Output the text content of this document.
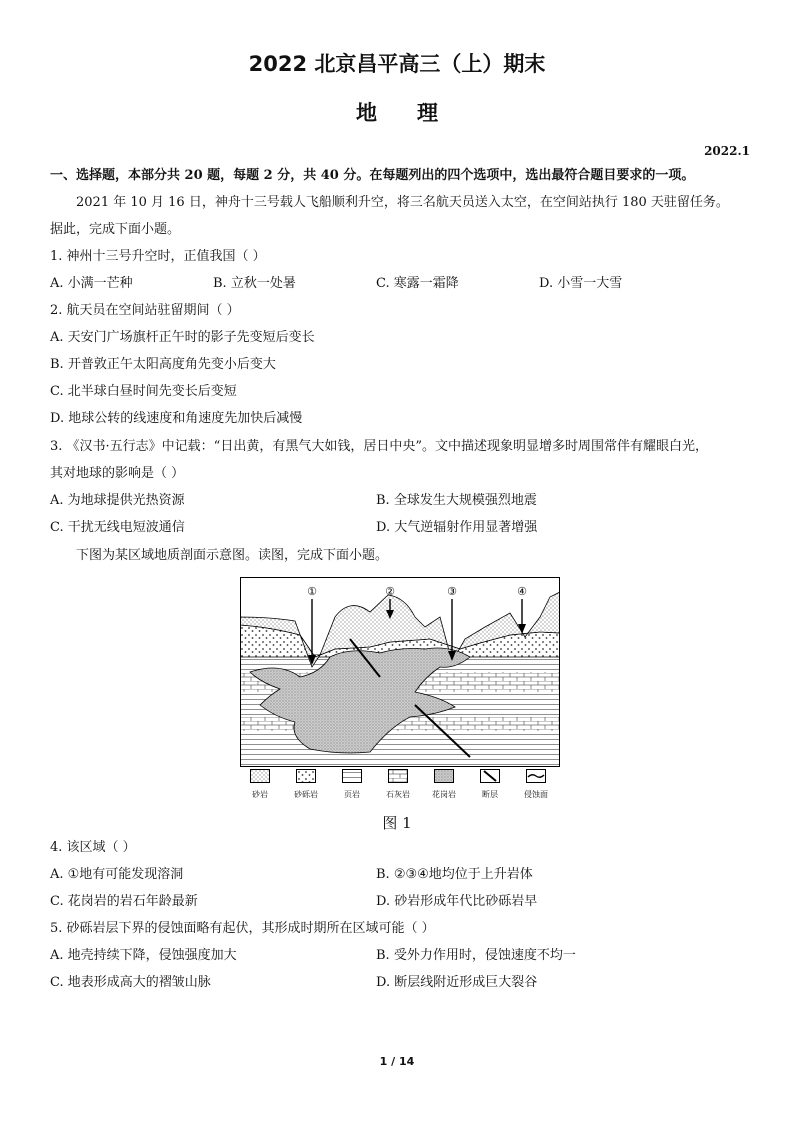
2022 北京昌平高三（上）期末
地理
2022.1
一、选择题，本部分共 20 题，每题 2 分，共 40 分。在每题列出的四个选项中，选出最符合题目要求的一项。
2021 年 10 月 16 日，神舟十三号载人飞船顺利升空，将三名航天员送入太空，在空间站执行 180 天驻留任务。
据此，完成下面小题。
1. 神州十三号升空时，正值我国（ ）
A. 小满一芒种	B. 立秋一处暑	C. 寒露一霜降	D. 小雪一大雪
2. 航天员在空间站驻留期间（ ）
A. 天安门广场旗杆正午时的影子先变短后变长
B. 开普敦正午太阳高度角先变小后变大
C. 北半球白昼时间先变长后变短
D. 地球公转的线速度和角速度先加快后减慢
3. 《汉书·五行志》中记载：“日出黄，有黑气大如钱，居日中央”。文中描述现象明显增多时周围常伴有耀眼白光，
其对地球的影响是（ ）
A. 为地球提供光热资源	B. 全球发生大规模强烈地震
C. 干扰无线电短波通信	D. 大气逆辐射作用显著增强
下图为某区域地质剖面示意图。读图，完成下面小题。
①	②	③	④
砂岩	砂砾岩	页岩	石灰岩	花岗岩	断层	侵蚀面
图 1
4. 该区域（ ）
A. ①地有可能发现溶洞	B. ②③④地均位于上升岩体
C. 花岗岩的岩石年龄最新	D. 砂岩形成年代比砂砾岩早
5. 砂砾岩层下界的侵蚀面略有起伏，其形成时期所在区域可能（ ）
A. 地壳持续下降，侵蚀强度加大	B. 受外力作用时，侵蚀速度不均一
C. 地表形成高大的褶皱山脉	D. 断层线附近形成巨大裂谷
1 / 14
